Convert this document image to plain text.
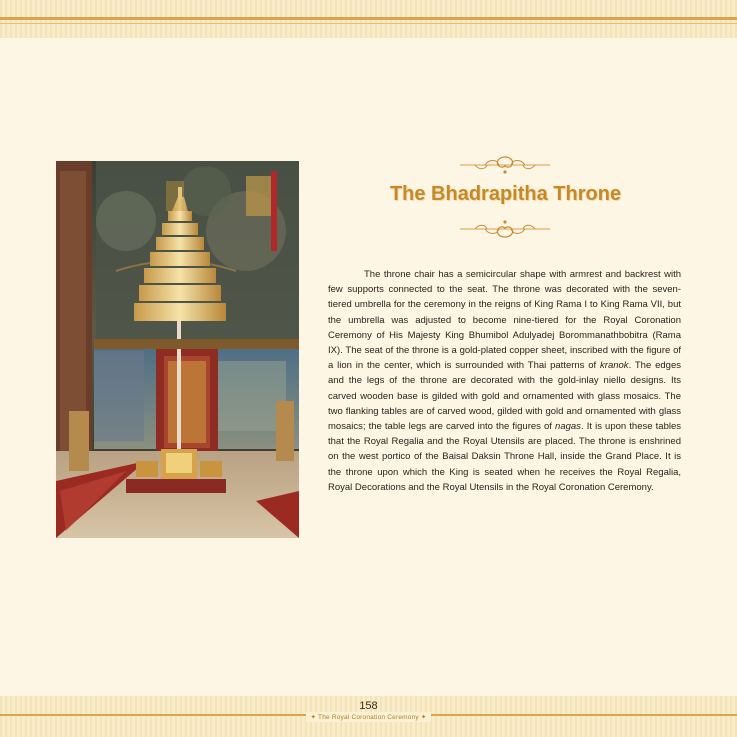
The Bhadrapitha Throne

The throne chair has a semicircular shape with armrest and backrest with few supports connected to the seat. The throne was decorated with the seven-tiered umbrella for the ceremony in the reigns of King Rama I to King Rama VII, but the umbrella was adjusted to become nine-tiered for the Royal Coronation Ceremony of His Majesty King Bhumibol Adulyadej Borommanathbobitra (Rama IX). The seat of the throne is a gold-plated copper sheet, inscribed with the figure of a lion in the center, which is surrounded with Thai patterns of kranok. The edges and the legs of the throne are decorated with the gold-inlay niello designs. Its carved wooden base is gilded with gold and ornamented with glass mosaics. The two flanking tables are of carved wood, gilded with gold and ornamented with glass mosaics; the table legs are carved into the figures of nagas. It is upon these tables that the Royal Regalia and the Royal Utensils are placed. The throne is enshrined on the west portico of the Baisal Daksin Throne Hall, inside the Grand Place. It is the throne upon which the King is seated when he receives the Royal Regalia, Royal Decorations and the Royal Utensils in the Royal Coronation Ceremony.

158
✦ The Royal Coronation Ceremony ✦
